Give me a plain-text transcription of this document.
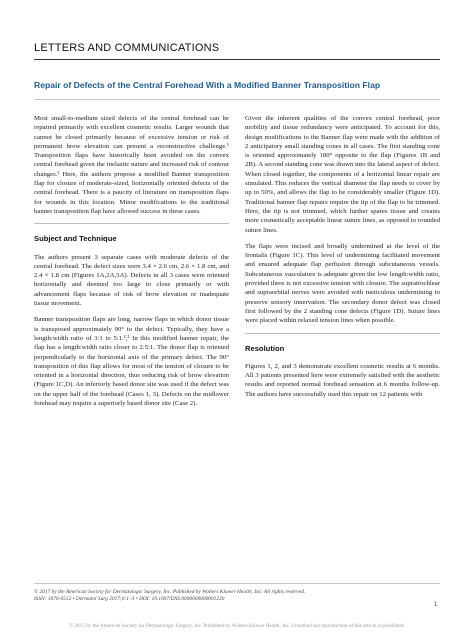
LETTERS AND COMMUNICATIONS
Repair of Defects of the Central Forehead With a Modified Banner Transposition Flap

Most small-to-medium sized defects of the central forehead can be repaired primarily with excellent cosmetic results. Larger wounds that cannot be closed primarily because of excessive tension or risk of permanent brow elevation can present a reconstructive challenge.¹ Transposition flaps have historically been avoided on the convex central forehead given the inelastic nature and increased risk of contour changes.² Here, the authors propose a modified Banner transposition flap for closure of moderate-sized, horizontally oriented defects of the central forehead. There is a paucity of literature on transposition flaps for wounds in this location. Minor modifications to the traditional banner transposition flap have allowed success in these cases.

Subject and Technique

The authors present 3 separate cases with moderate defects of the central forehead. The defect sizes were 3.4 × 2.6 cm, 2.6 × 1.8 cm, and 2.4 × 1.8 cm (Figures 1A,2A,3A). Defects in all 3 cases were oriented horizontally and deemed too large to close primarily or with advancement flaps because of risk of brow elevation or inadequate tissue movement.

Banner transposition flaps are long, narrow flaps in which donor tissue is transposed approximately 90° to the defect. Typically, they have a length:width ratio of 3:1 to 5:1.²,³ In this modified banner repair, the flap has a length:width ratio closer to 2.5:1. The donor flap is oriented perpendicularly to the horizontal axis of the primary defect. The 90° transposition of this flap allows for most of the tension of closure to be oriented in a horizontal direction, thus reducing risk of brow elevation (Figure 1C,D). An inferiorly based donor site was used if the defect was on the upper half of the forehead (Cases 1, 3). Defects on the midlower forehead may require a superiorly based donor site (Case 2).

Given the inherent qualities of the convex central forehead, poor mobility and tissue redundancy were anticipated. To account for this, design modifications to the Banner flap were made with the addition of 2 anticipatory small standing cones in all cases. The first standing cone is oriented approximately 180° opposite to the flap (Figures 1B and 2B). A second standing cone was drawn into the lateral aspect of defect. When closed together, the components of a horizontal linear repair are simulated. This reduces the vertical diameter the flap needs to cover by up to 50%, and allows the flap to be considerably smaller (Figure 1D). Traditional banner flap repairs require the tip of the flap to be trimmed. Here, the tip is not trimmed, which further spares tissue and creates more cosmetically acceptable linear suture lines, as opposed to rounded suture lines.

The flaps were incised and broadly undermined at the level of the frontalis (Figure 1C). This level of undermining facilitated movement and ensured adequate flap perfusion through subcutaneous vessels. Subcutaneous vasculature is adequate given the low length:width ratio, provided there is not excessive tension with closure. The supratrochlear and supraorbital nerves were avoided with meticulous undermining to preserve sensory innervation. The secondary donor defect was closed first followed by the 2 standing cone defects (Figure 1D). Suture lines were placed within relaxed tension lines when possible.

Resolution

Figures 1, 2, and 3 demonstrate excellent cosmetic results at 6 months. All 3 patients presented here were extremely satisfied with the aesthetic results and reported normal forehead sensation at 6 months follow-up. The authors have successfully used this repair on 12 patients with

© 2017 by the American Society for Dermatologic Surgery, Inc. Published by Wolters Kluwer Health, Inc. All rights reserved.
ISSN: 1076-0512 • Dermatol Surg 2017;0:1–3 • DOI: 10.1097/DSS.0000000000001230
1
© 2017 by the American Society for Dermatologic Surgery, Inc. Published by Wolters Kluwer Health, Inc. Unauthorized reproduction of this article is prohibited.
